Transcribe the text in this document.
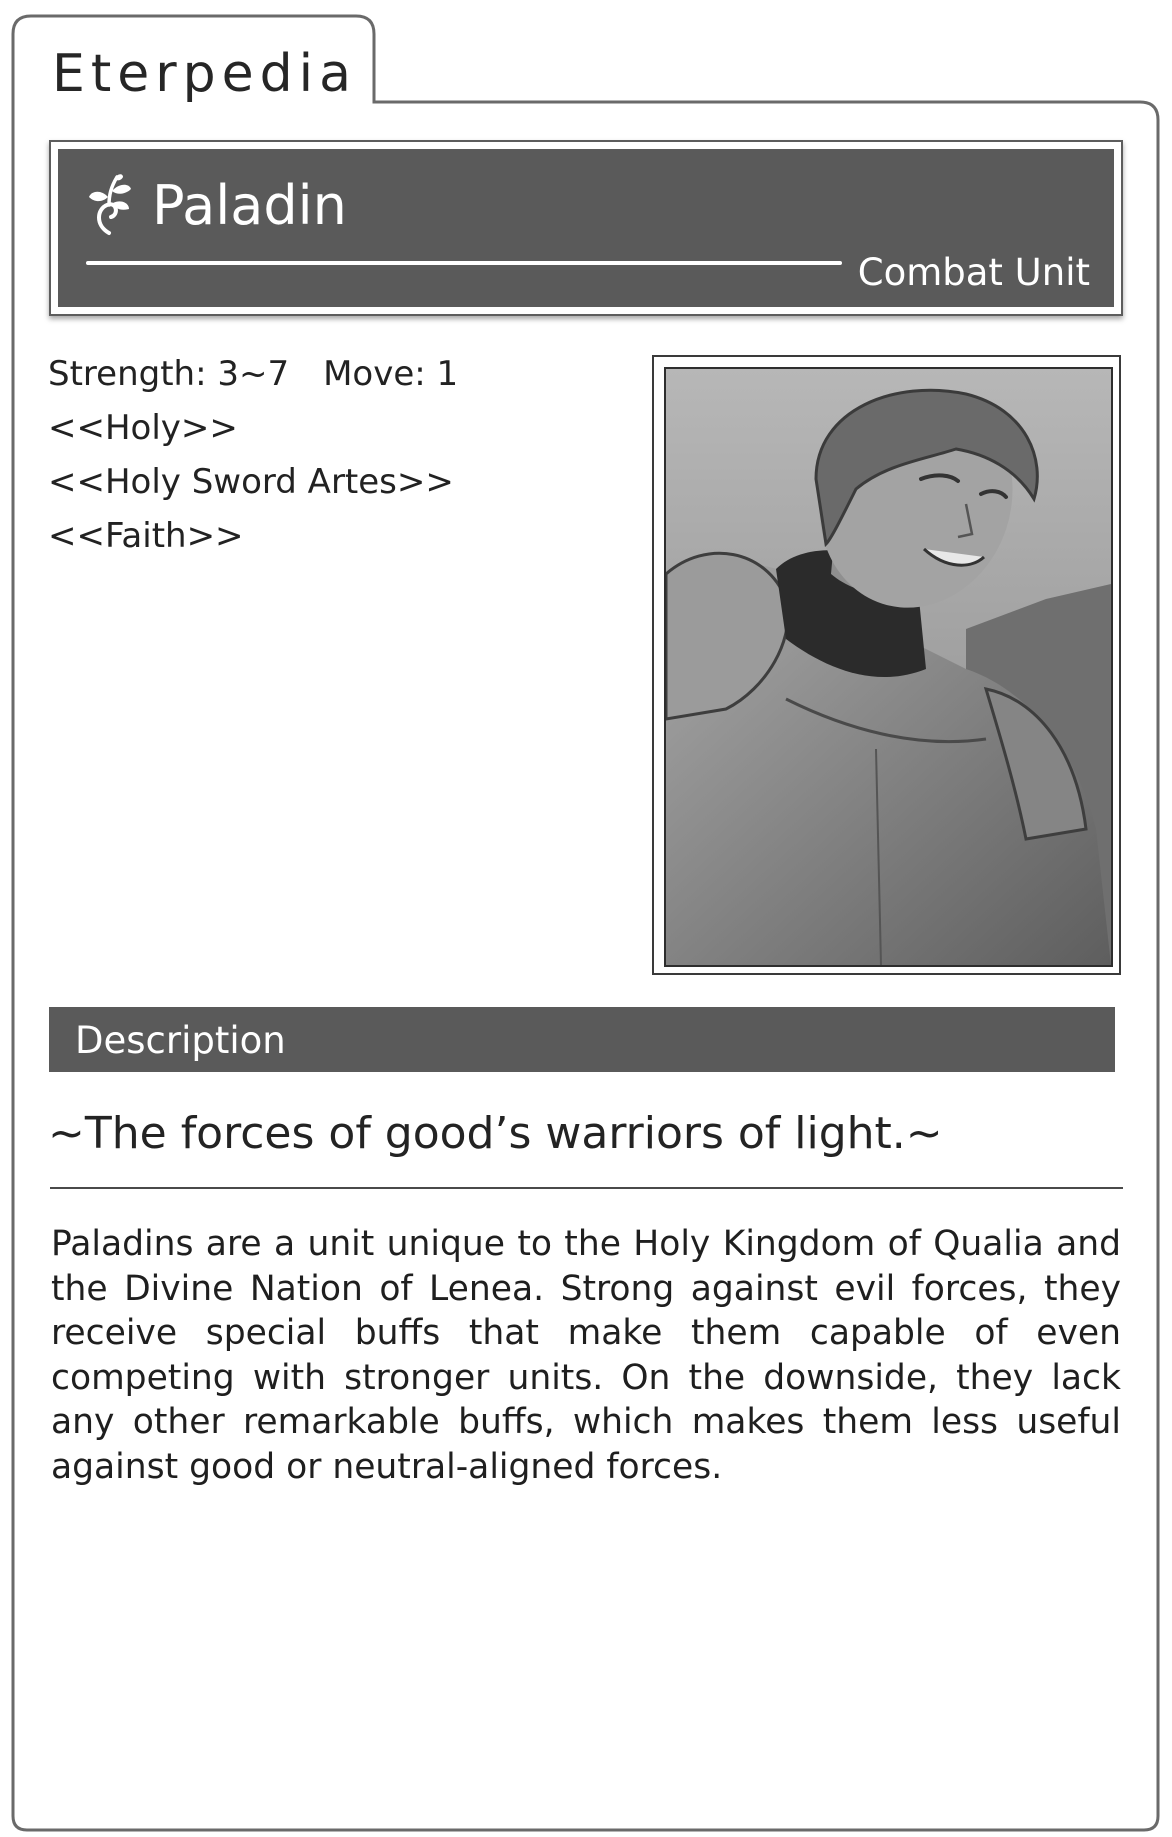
Eterpedia
Paladin
Combat Unit
Strength: 3~7 Move: 1
<<Holy>>
<<Holy Sword Artes>>
<<Faith>>
Description
~The forces of good’s warriors of light.~

Paladins are a unit unique to the Holy Kingdom of Qualia and the Divine Nation of Lenea. Strong against evil forces, they receive special buffs that make them capable of even competing with stronger units. On the downside, they lack any other remarkable buffs, which makes them less useful against good or neutral-aligned forces.
